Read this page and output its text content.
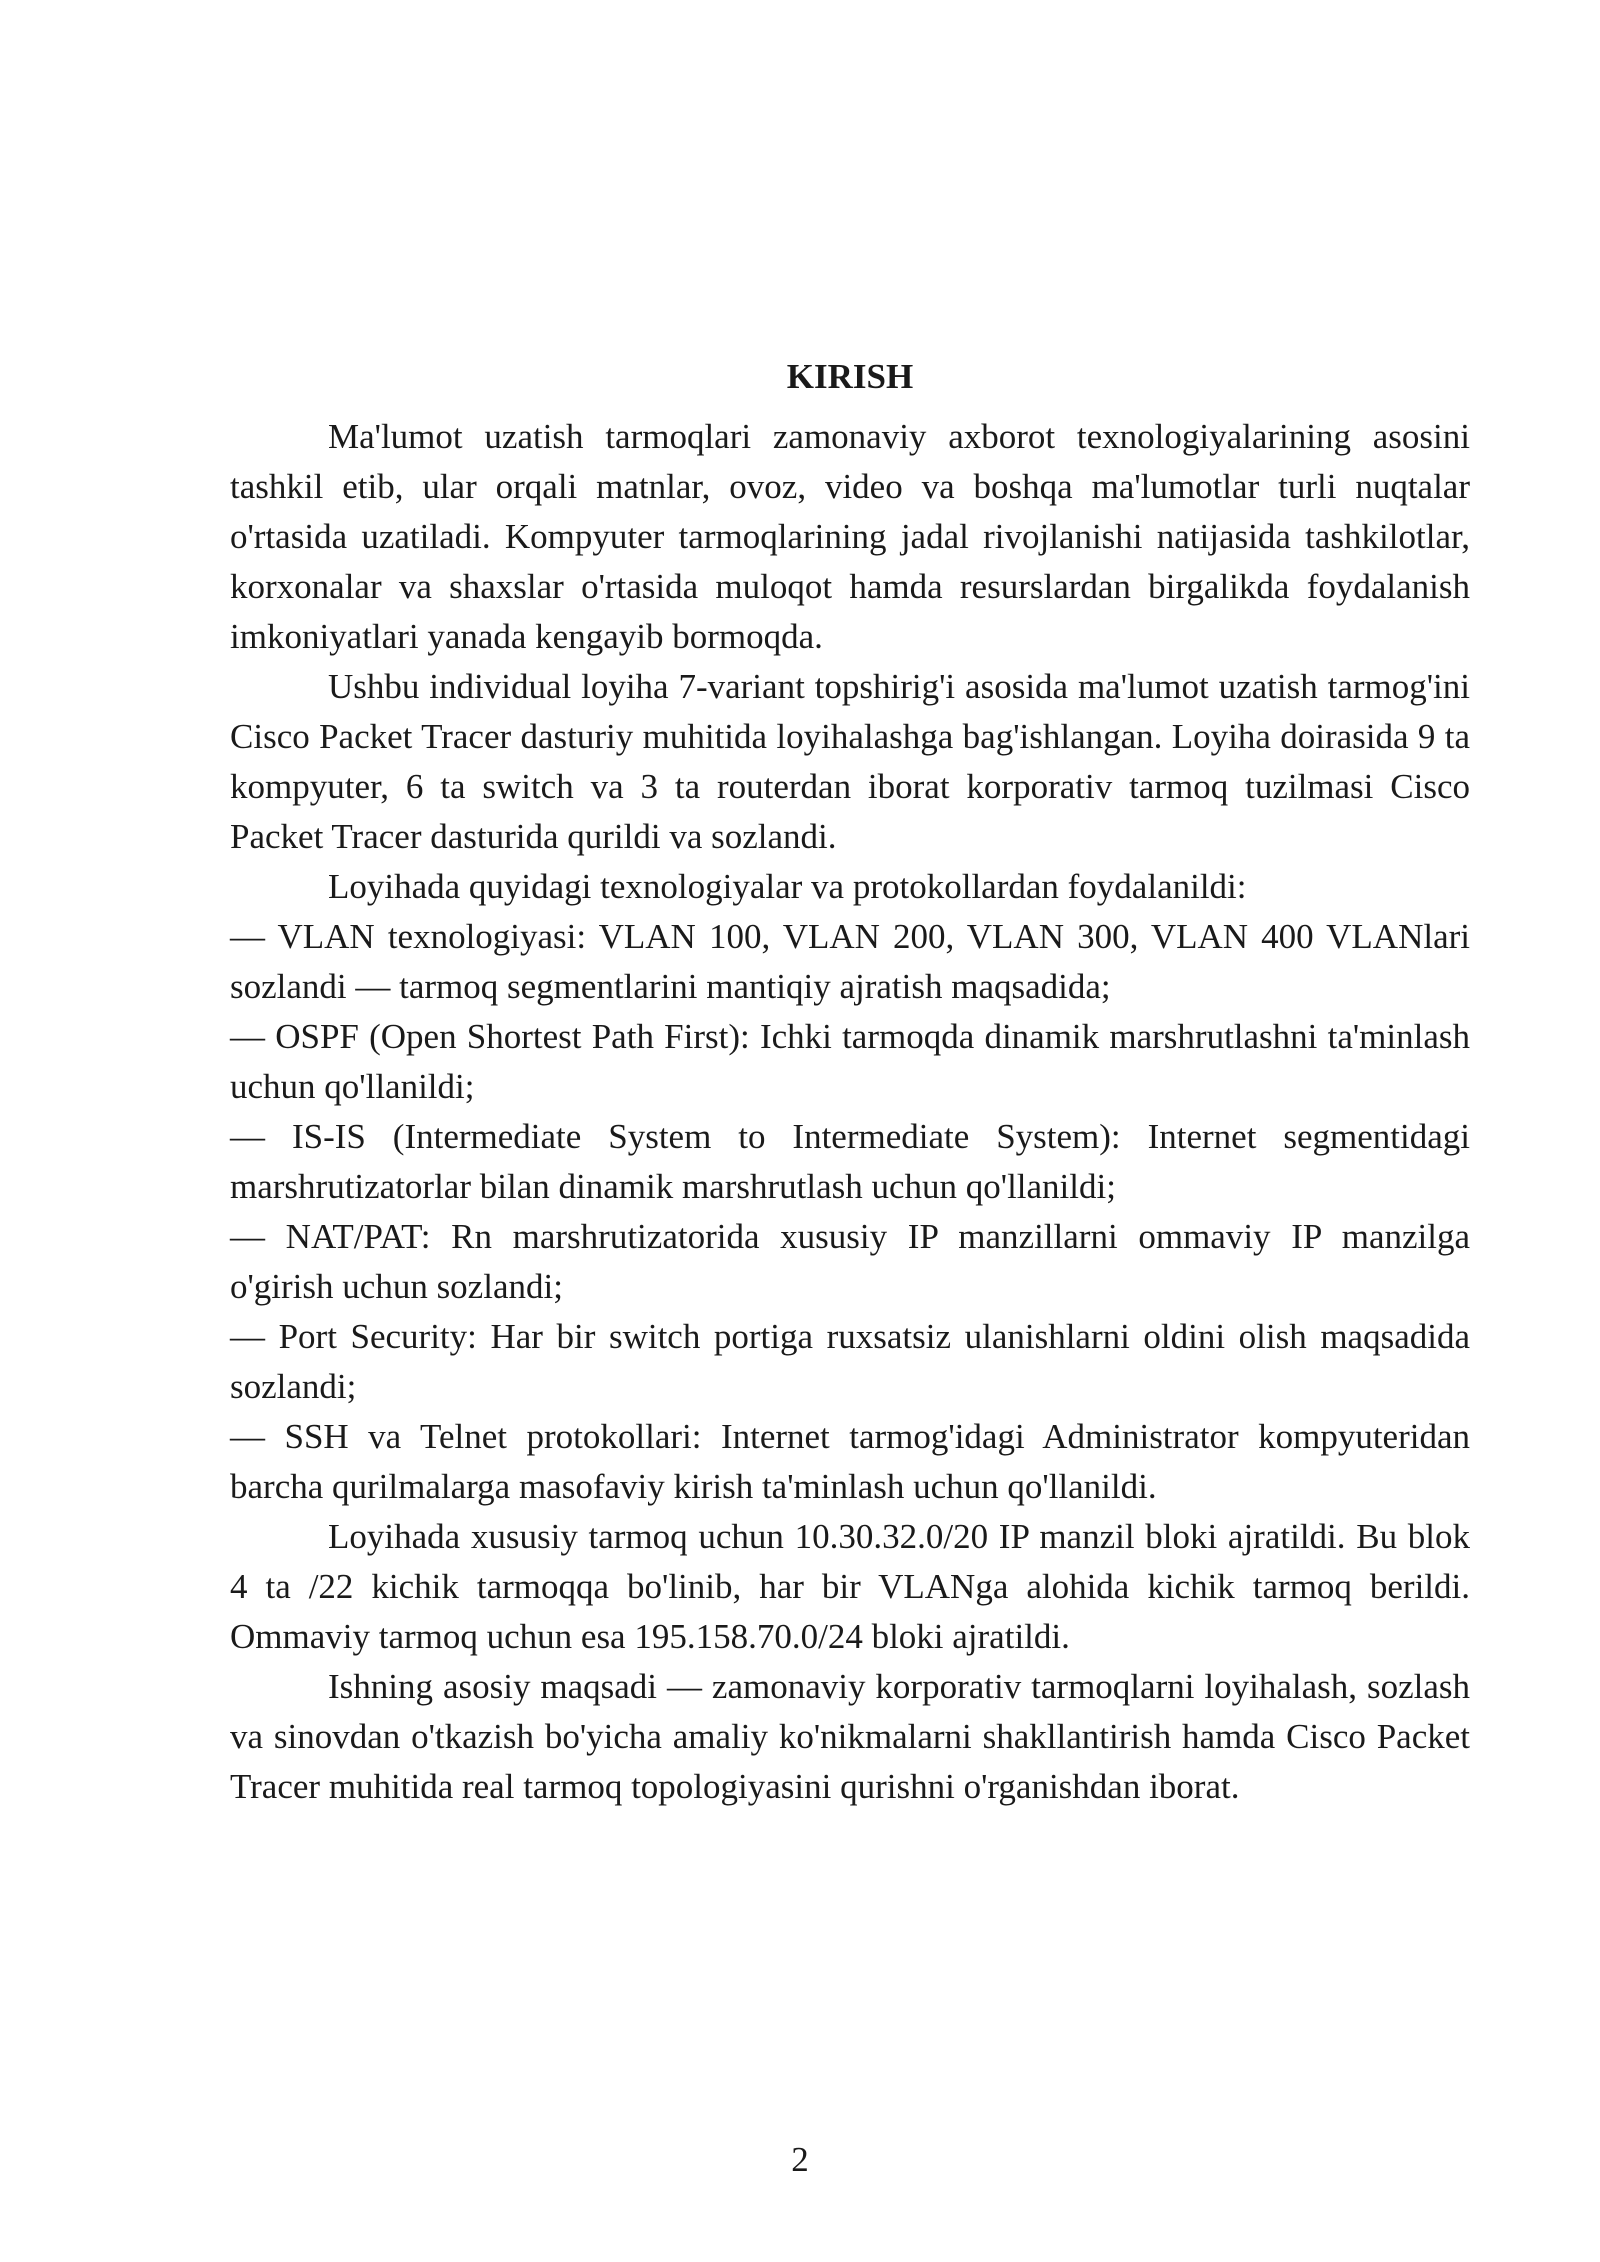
KIRISH

Ma'lumot uzatish tarmoqlari zamonaviy axborot texnologiyalarining asosini tashkil etib, ular orqali matnlar, ovoz, video va boshqa ma'lumotlar turli nuqtalar o'rtasida uzatiladi. Kompyuter tarmoqlarining jadal rivojlanishi natijasida tashkilotlar, korxonalar va shaxslar o'rtasida muloqot hamda resurslardan birgalikda foydalanish imkoniyatlari yanada kengayib bormoqda.

Ushbu individual loyiha 7-variant topshirig'i asosida ma'lumot uzatish tarmog'ini Cisco Packet Tracer dasturiy muhitida loyihalashga bag'ishlangan. Loyiha doirasida 9 ta kompyuter, 6 ta switch va 3 ta routerdan iborat korporativ tarmoq tuzilmasi Cisco Packet Tracer dasturida qurildi va sozlandi.

Loyihada quyidagi texnologiyalar va protokollardan foydalanildi:

— VLAN texnologiyasi: VLAN 100, VLAN 200, VLAN 300, VLAN 400 VLANlari sozlandi — tarmoq segmentlarini mantiqiy ajratish maqsadida;

— OSPF (Open Shortest Path First): Ichki tarmoqda dinamik marshrutlashni ta'minlash uchun qo'llanildi;

— IS-IS (Intermediate System to Intermediate System): Internet segmentidagi marshrutizatorlar bilan dinamik marshrutlash uchun qo'llanildi;

— NAT/PAT: Rn marshrutizatorida xususiy IP manzillarni ommaviy IP manzilga o'girish uchun sozlandi;

— Port Security: Har bir switch portiga ruxsatsiz ulanishlarni oldini olish maqsadida sozlandi;

— SSH va Telnet protokollari: Internet tarmog'idagi Administrator kompyuteridan barcha qurilmalarga masofaviy kirish ta'minlash uchun qo'llanildi.

Loyihada xususiy tarmoq uchun 10.30.32.0/20 IP manzil bloki ajratildi. Bu blok 4 ta /22 kichik tarmoqqa bo'linib, har bir VLANga alohida kichik tarmoq berildi. Ommaviy tarmoq uchun esa 195.158.70.0/24 bloki ajratildi.

Ishning asosiy maqsadi — zamonaviy korporativ tarmoqlarni loyihalash, sozlash va sinovdan o'tkazish bo'yicha amaliy ko'nikmalarni shakllantirish hamda Cisco Packet Tracer muhitida real tarmoq topologiyasini qurishni o'rganishdan iborat.

2
